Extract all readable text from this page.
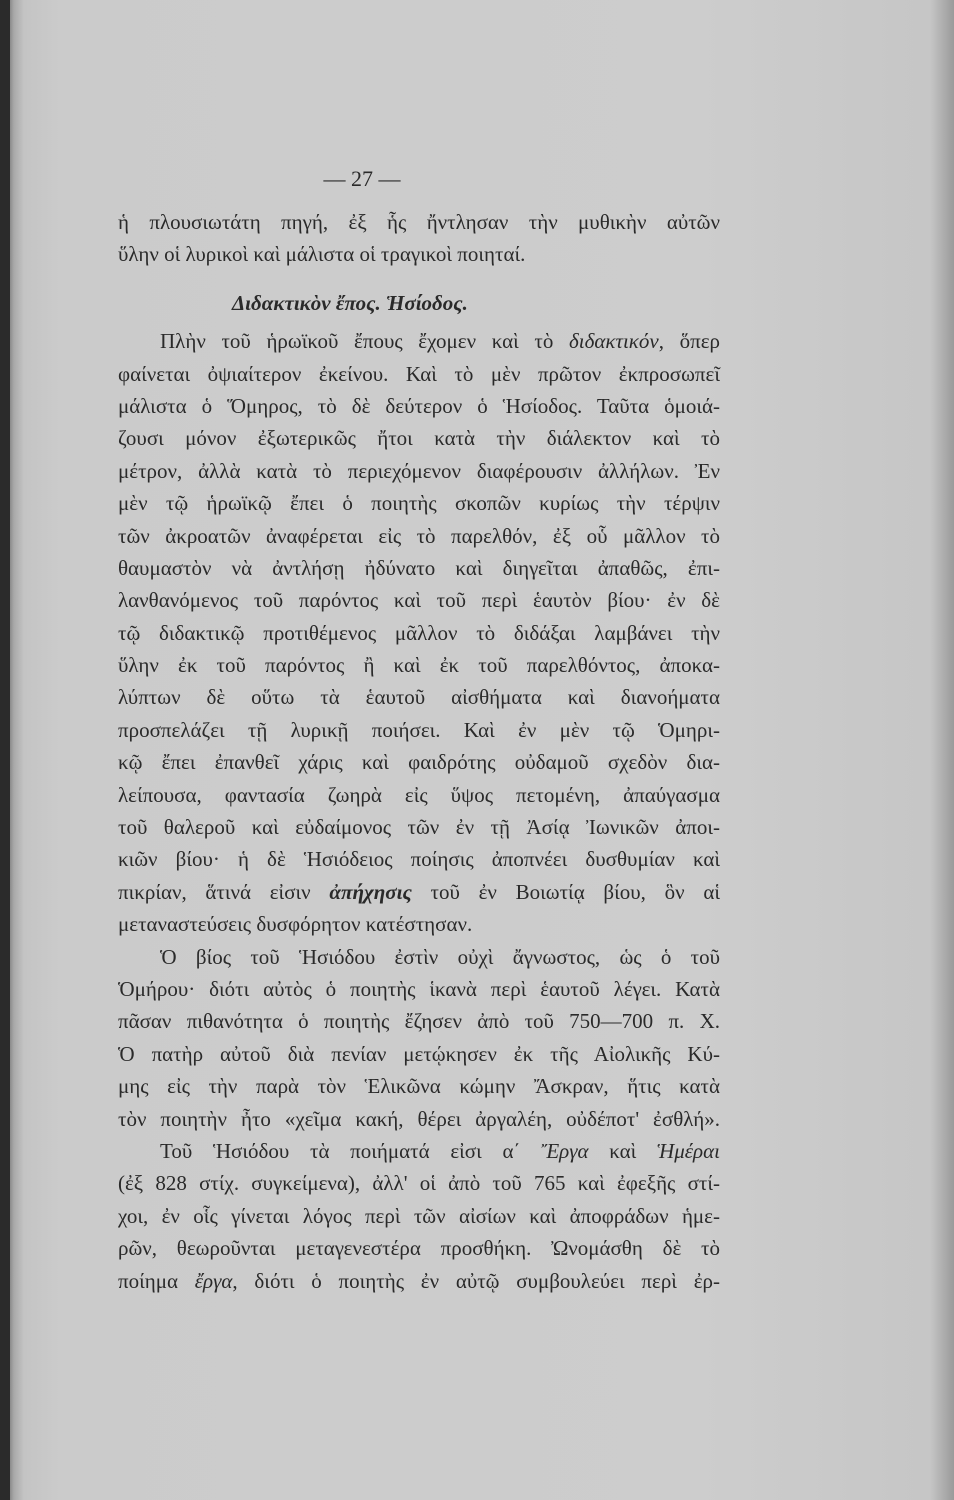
— 27 —
ἡ πλουσιωτάτη πηγή, ἐξ ἧς ἤντλησαν τὴν μυθικὴν αὐτῶν
ὕλην οἱ λυρικοὶ καὶ μάλιστα οἱ τραγικοὶ ποιηταί.
Διδακτικὸν ἔπος. Ἡσίοδος.
Πλὴν τοῦ ἡρωϊκοῦ ἔπους ἔχομεν καὶ τὸ διδακτικόν, ὅπερ
φαίνεται ὀψιαίτερον ἐκείνου. Καὶ τὸ μὲν πρῶτον ἐκπροσωπεῖ
μάλιστα ὁ Ὅμηρος, τὸ δὲ δεύτερον ὁ Ἡσίοδος. Ταῦτα ὁμοιά-
ζουσι μόνον ἐξωτερικῶς ἤτοι κατὰ τὴν διάλεκτον καὶ τὸ
μέτρον, ἀλλὰ κατὰ τὸ περιεχόμενον διαφέρουσιν ἀλλήλων. Ἐν
μὲν τῷ ἡρωϊκῷ ἔπει ὁ ποιητὴς σκοπῶν κυρίως τὴν τέρψιν
τῶν ἀκροατῶν ἀναφέρεται εἰς τὸ παρελθόν, ἐξ οὗ μᾶλλον τὸ
θαυμαστὸν νὰ ἀντλήσῃ ἠδύνατο καὶ διηγεῖται ἀπαθῶς, ἐπι-
λανθανόμενος τοῦ παρόντος καὶ τοῦ περὶ ἑαυτὸν βίου· ἐν δὲ
τῷ διδακτικῷ προτιθέμενος μᾶλλον τὸ διδάξαι λαμβάνει τὴν
ὕλην ἐκ τοῦ παρόντος ἢ καὶ ἐκ τοῦ παρελθόντος, ἀποκα-
λύπτων δὲ οὕτω τὰ ἑαυτοῦ αἰσθήματα καὶ διανοήματα
προσπελάζει τῇ λυρικῇ ποιήσει. Καὶ ἐν μὲν τῷ Ὁμηρι-
κῷ ἔπει ἐπανθεῖ χάρις καὶ φαιδρότης οὐδαμοῦ σχεδὸν δια-
λείπουσα, φαντασία ζωηρὰ εἰς ὕψος πετομένη, ἀπαύγασμα
τοῦ θαλεροῦ καὶ εὐδαίμονος τῶν ἐν τῇ Ἀσίᾳ Ἰωνικῶν ἀποι-
κιῶν βίου· ἡ δὲ Ἡσιόδειος ποίησις ἀποπνέει δυσθυμίαν καὶ
πικρίαν, ἅτινά εἰσιν ἀπήχησις τοῦ ἐν Βοιωτίᾳ βίου, ὃν αἱ
μεταναστεύσεις δυσφόρητον κατέστησαν.
Ὁ βίος τοῦ Ἡσιόδου ἐστὶν οὐχὶ ἄγνωστος, ὡς ὁ τοῦ
Ὁμήρου· διότι αὐτὸς ὁ ποιητὴς ἱκανὰ περὶ ἑαυτοῦ λέγει. Κατὰ
πᾶσαν πιθανότητα ὁ ποιητὴς ἔζησεν ἀπὸ τοῦ 750—700 π. Χ.
Ὁ πατὴρ αὐτοῦ διὰ πενίαν μετῴκησεν ἐκ τῆς Αἰολικῆς Κύ-
μης εἰς τὴν παρὰ τὸν Ἑλικῶνα κώμην Ἄσκραν, ἥτις κατὰ
τὸν ποιητὴν ἦτο «χεῖμα κακή, θέρει ἀργαλέη, οὐδέποτ' ἐσθλή».
Τοῦ Ἡσιόδου τὰ ποιήματά εἰσι α΄ Ἔργα καὶ Ἡμέραι
(ἐξ 828 στίχ. συγκείμενα), ἀλλ' οἱ ἀπὸ τοῦ 765 καὶ ἐφεξῆς στί-
χοι, ἐν οἷς γίνεται λόγος περὶ τῶν αἰσίων καὶ ἀποφράδων ἡμε-
ρῶν, θεωροῦνται μεταγενεστέρα προσθήκη. Ὠνομάσθη δὲ τὸ
ποίημα ἔργα, διότι ὁ ποιητὴς ἐν αὐτῷ συμβουλεύει περὶ ἐρ-
